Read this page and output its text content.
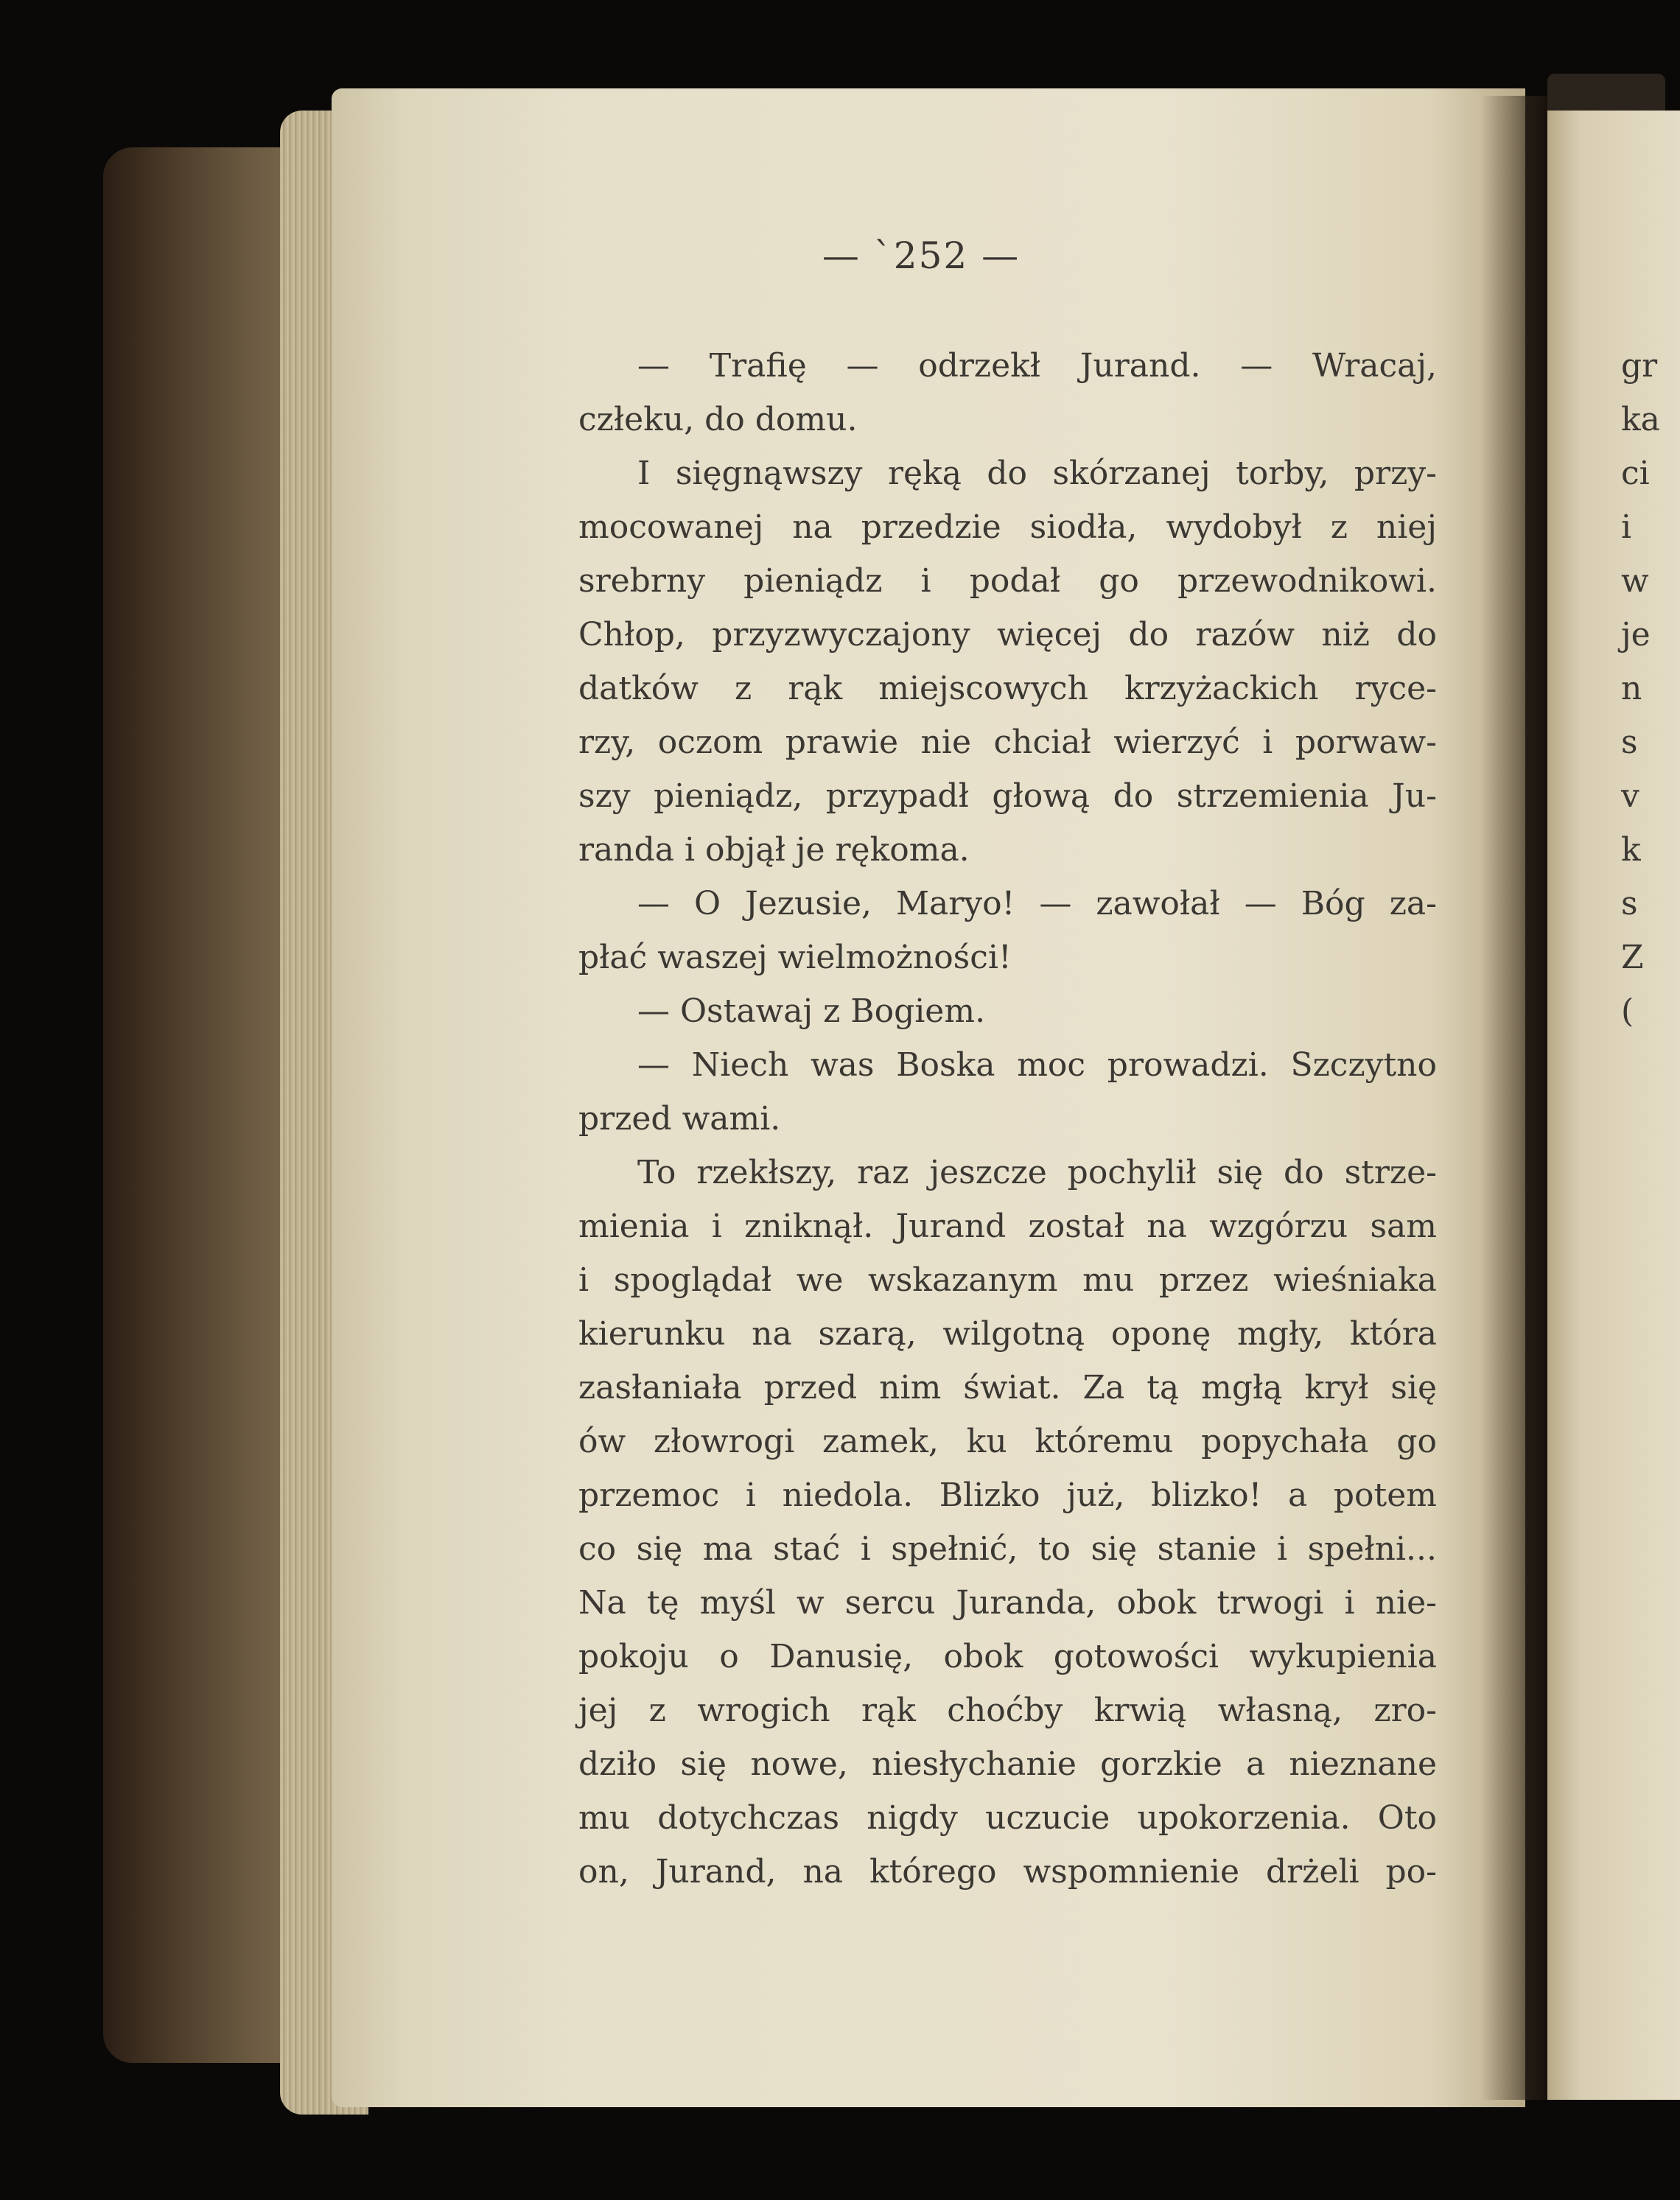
— `252 —
— Trafię — odrzekł Jurand. — Wracaj,
człeku, do domu.
I sięgnąwszy ręką do skórzanej torby, przy-
mocowanej na przedzie siodła, wydobył z niej
srebrny pieniądz i podał go przewodnikowi.
Chłop, przyzwyczajony więcej do razów niż do
datków z rąk miejscowych krzyżackich ryce-
rzy, oczom prawie nie chciał wierzyć i porwaw-
szy pieniądz, przypadł głową do strzemienia Ju-
randa i objął je rękoma.
— O Jezusie, Maryo! — zawołał — Bóg za-
płać waszej wielmożności!
— Ostawaj z Bogiem.
— Niech was Boska moc prowadzi. Szczytno
przed wami.
To rzekłszy, raz jeszcze pochylił się do strze-
mienia i zniknął. Jurand został na wzgórzu sam
i spoglądał we wskazanym mu przez wieśniaka
kierunku na szarą, wilgotną oponę mgły, która
zasłaniała przed nim świat. Za tą mgłą krył się
ów złowrogi zamek, ku któremu popychała go
przemoc i niedola. Blizko już, blizko! a potem
co się ma stać i spełnić, to się stanie i spełni...
Na tę myśl w sercu Juranda, obok trwogi i nie-
pokoju o Danusię, obok gotowości wykupienia
jej z wrogich rąk choćby krwią własną, zro-
dziło się nowe, niesłychanie gorzkie a nieznane
mu dotychczas nigdy uczucie upokorzenia. Oto
on, Jurand, na którego wspomnienie drżeli po-
gr
ka
ci
i
w
je
n
s
v
k
s
Z
(
